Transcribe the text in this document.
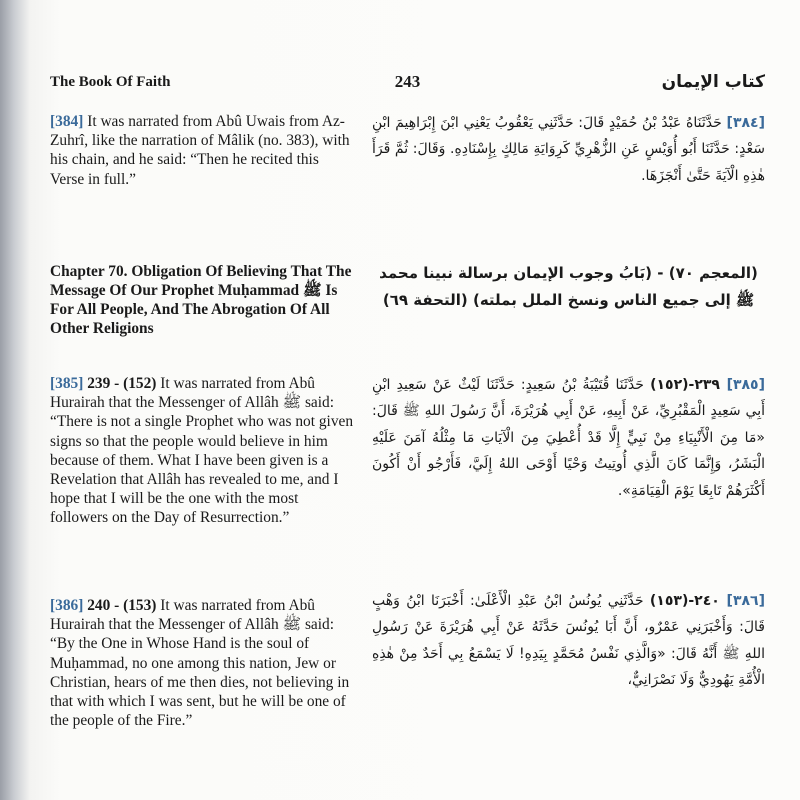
The Book Of Faith	243	كتاب الإيمان

[384] It was narrated from Abû Uwais from Az-Zuhrî, like the narration of Mâlik (no. 383), with his chain, and he said: “Then he recited this Verse in full.”

Chapter 70. Obligation Of Believing That The Message Of Our Prophet Muḥammad ﷺ Is For All People, And The Abrogation Of All Other Religions

[385] 239 - (152) It was narrated from Abû Hurairah that the Messenger of Allâh ﷺ said: “There is not a single Prophet who was not given signs so that the people would believe in him because of them. What I have been given is a Revelation that Allâh has revealed to me, and I hope that I will be the one with the most followers on the Day of Resurrection.”

[386] 240 - (153) It was narrated from Abû Hurairah that the Messenger of Allâh ﷺ said: “By the One in Whose Hand is the soul of Muḥammad, no one among this nation, Jew or Christian, hears of me then dies, not believing in that with which I was sent, but he will be one of the people of the Fire.”

[٣٨٤] حَدَّثَنَاهُ عَبْدُ بْنُ حُمَيْدٍ قَالَ: حَدَّثَنِي يَعْقُوبُ يَعْنِي ابْنَ إِبْرَاهِيمَ ابْنِ سَعْدٍ: حَدَّثَنَا أَبُو أُوَيْسٍ عَنِ الزُّهْرِيِّ كَرِوَايَةِ مَالِكٍ بِإِسْنَادِهِ. وَقَالَ: ثُمَّ قَرَأَ هٰذِهِ الْآيَةَ حَتَّىٰ أَنْجَزَهَا.

(المعجم ٧٠) - (بَابُ وجوب الإيمان برسالة نبينا محمد ﷺ إلى جميع الناس ونسخ الملل بملته) (التحفة ٦٩)

[٣٨٥] ٢٣٩-(١٥٢) حَدَّثَنَا قُتَيْبَةُ بْنُ سَعِيدٍ: حَدَّثَنَا لَيْثٌ عَنْ سَعِيدِ ابْنِ أَبِي سَعِيدٍ الْمَقْبُرِيِّ، عَنْ أَبِيهِ، عَنْ أَبِي هُرَيْرَةَ، أَنَّ رَسُولَ اللهِ ﷺ قَالَ: «مَا مِنَ الْأَنْبِيَاءِ مِنْ نَبِيٍّ إِلَّا قَدْ أُعْطِيَ مِنَ الْآيَاتِ مَا مِثْلُهُ آمَنَ عَلَيْهِ الْبَشَرُ، وَإِنَّمَا كَانَ الَّذِي أُوتِيتُ وَحْيًا أَوْحَى اللهُ إِلَيَّ، فَأَرْجُو أَنْ أَكُونَ أَكْثَرَهُمْ تَابِعًا يَوْمَ الْقِيَامَةِ».

[٣٨٦] ٢٤٠-(١٥٣) حَدَّثَنِي يُونُسُ ابْنُ عَبْدِ الْأَعْلَىٰ: أَخْبَرَنَا ابْنُ وَهْبٍ قَالَ: وَأَخْبَرَنِي عَمْرٌو، أَنَّ أَبَا يُونُسَ حَدَّثَهُ عَنْ أَبِي هُرَيْرَةَ عَنْ رَسُولِ اللهِ ﷺ أَنَّهُ قَالَ: «وَالَّذِي نَفْسُ مُحَمَّدٍ بِيَدِهِ! لَا يَسْمَعُ بِي أَحَدٌ مِنْ هٰذِهِ الْأُمَّةِ يَهُودِيٌّ وَلَا نَصْرَانِيٌّ،
